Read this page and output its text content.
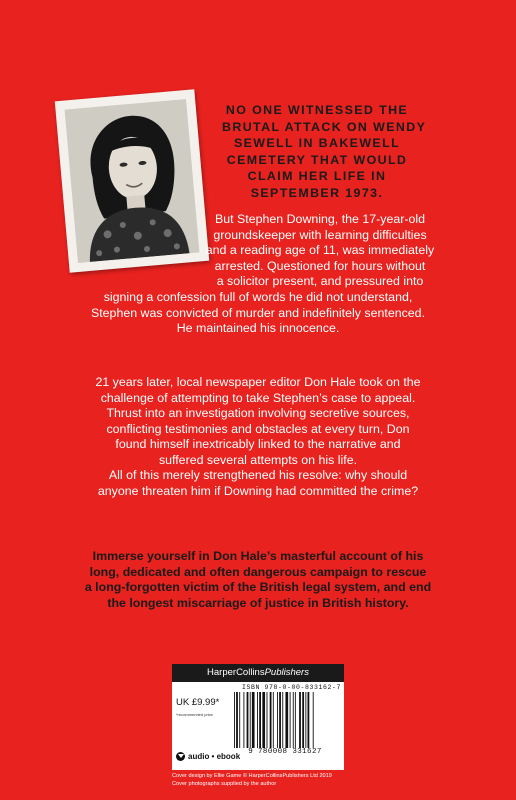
NO ONE WITNESSED THE
BRUTAL ATTACK ON WENDY
SEWELL IN BAKEWELL
CEMETERY THAT WOULD
CLAIM HER LIFE IN
SEPTEMBER 1973.
But Stephen Downing, the 17-year-old
groundskeeper with learning difficulties
and a reading age of 11, was immediately
arrested. Questioned for hours without
a solicitor present, and pressured into
signing a confession full of words he did not understand,
Stephen was convicted of murder and indefinitely sentenced.
He maintained his innocence.
21 years later, local newspaper editor Don Hale took on the
challenge of attempting to take Stephen’s case to appeal.
Thrust into an investigation involving secretive sources,
conflicting testimonies and obstacles at every turn, Don
found himself inextricably linked to the narrative and
suffered several attempts on his life.
All of this merely strengthened his resolve: why should
anyone threaten him if Downing had committed the crime?
Immerse yourself in Don Hale’s masterful account of his
long, dedicated and often dangerous campaign to rescue
a long-forgotten victim of the British legal system, and end
the longest miscarriage of justice in British history.
HarperCollinsPublishers
ISBN 978-0-00-833162-7
UK £9.99*
*recommended price
9 780008 331627
audio • ebook
Cover design by Ellie Game © HarperCollinsPublishers Ltd 2019
Cover photographs supplied by the author
